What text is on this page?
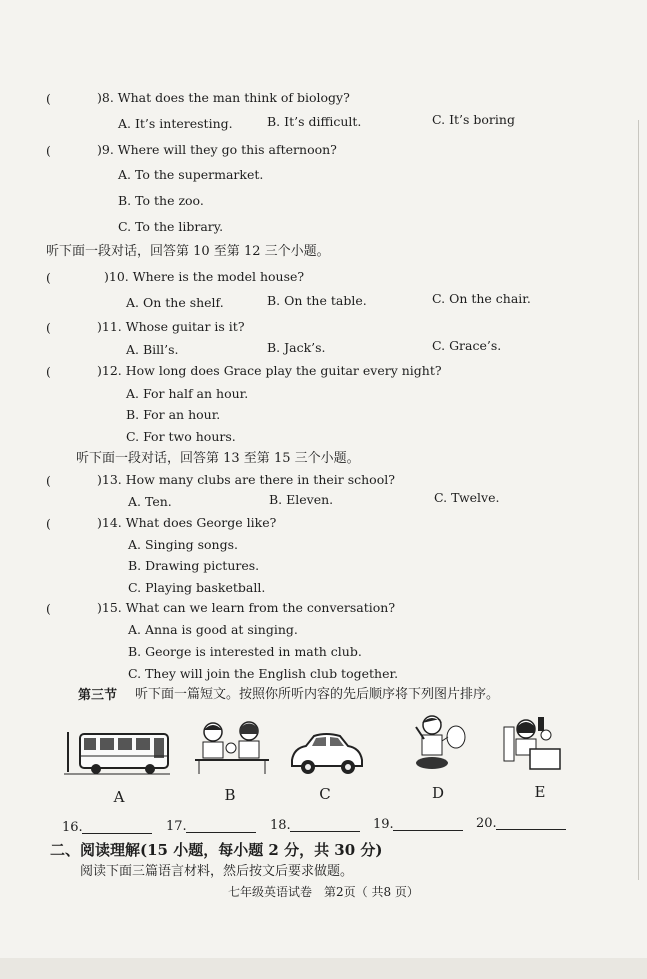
(	)8. What does the man think of biology?
A. It’s interesting.	B. It’s difficult.	C. It’s boring
(	)9. Where will they go this afternoon?
A. To the supermarket.
B. To the zoo.
C. To the library.
听下面一段对话，回答第 10 至第 12 三个小题。
(	)10. Where is the model house?
A. On the shelf.	B. On the table.	C. On the chair.
(	)11. Whose guitar is it?
A. Bill’s.	B. Jack’s.	C. Grace’s.
(	)12. How long does Grace play the guitar every night?
A. For half an hour.
B. For an hour.
C. For two hours.
听下面一段对话，回答第 13 至第 15 三个小题。
(	)13. How many clubs are there in their school?
A. Ten.	B. Eleven.	C. Twelve.
(	)14. What does George like?
A. Singing songs.
B. Drawing pictures.
C. Playing basketball.
(	)15. What can we learn from the conversation?
A. Anna is good at singing.
B. George is interested in math club.
C. They will join the English club together.
第三节 听下面一篇短文。按照你所听内容的先后顺序将下列图片排序。
A	B	C	D	E
16.	17.	18.	19.	20.
二、阅读理解(15 小题，每小题 2 分，共 30 分)
阅读下面三篇语言材料，然后按文后要求做题。
七年级英语试卷　第2页（ 共8 页）
